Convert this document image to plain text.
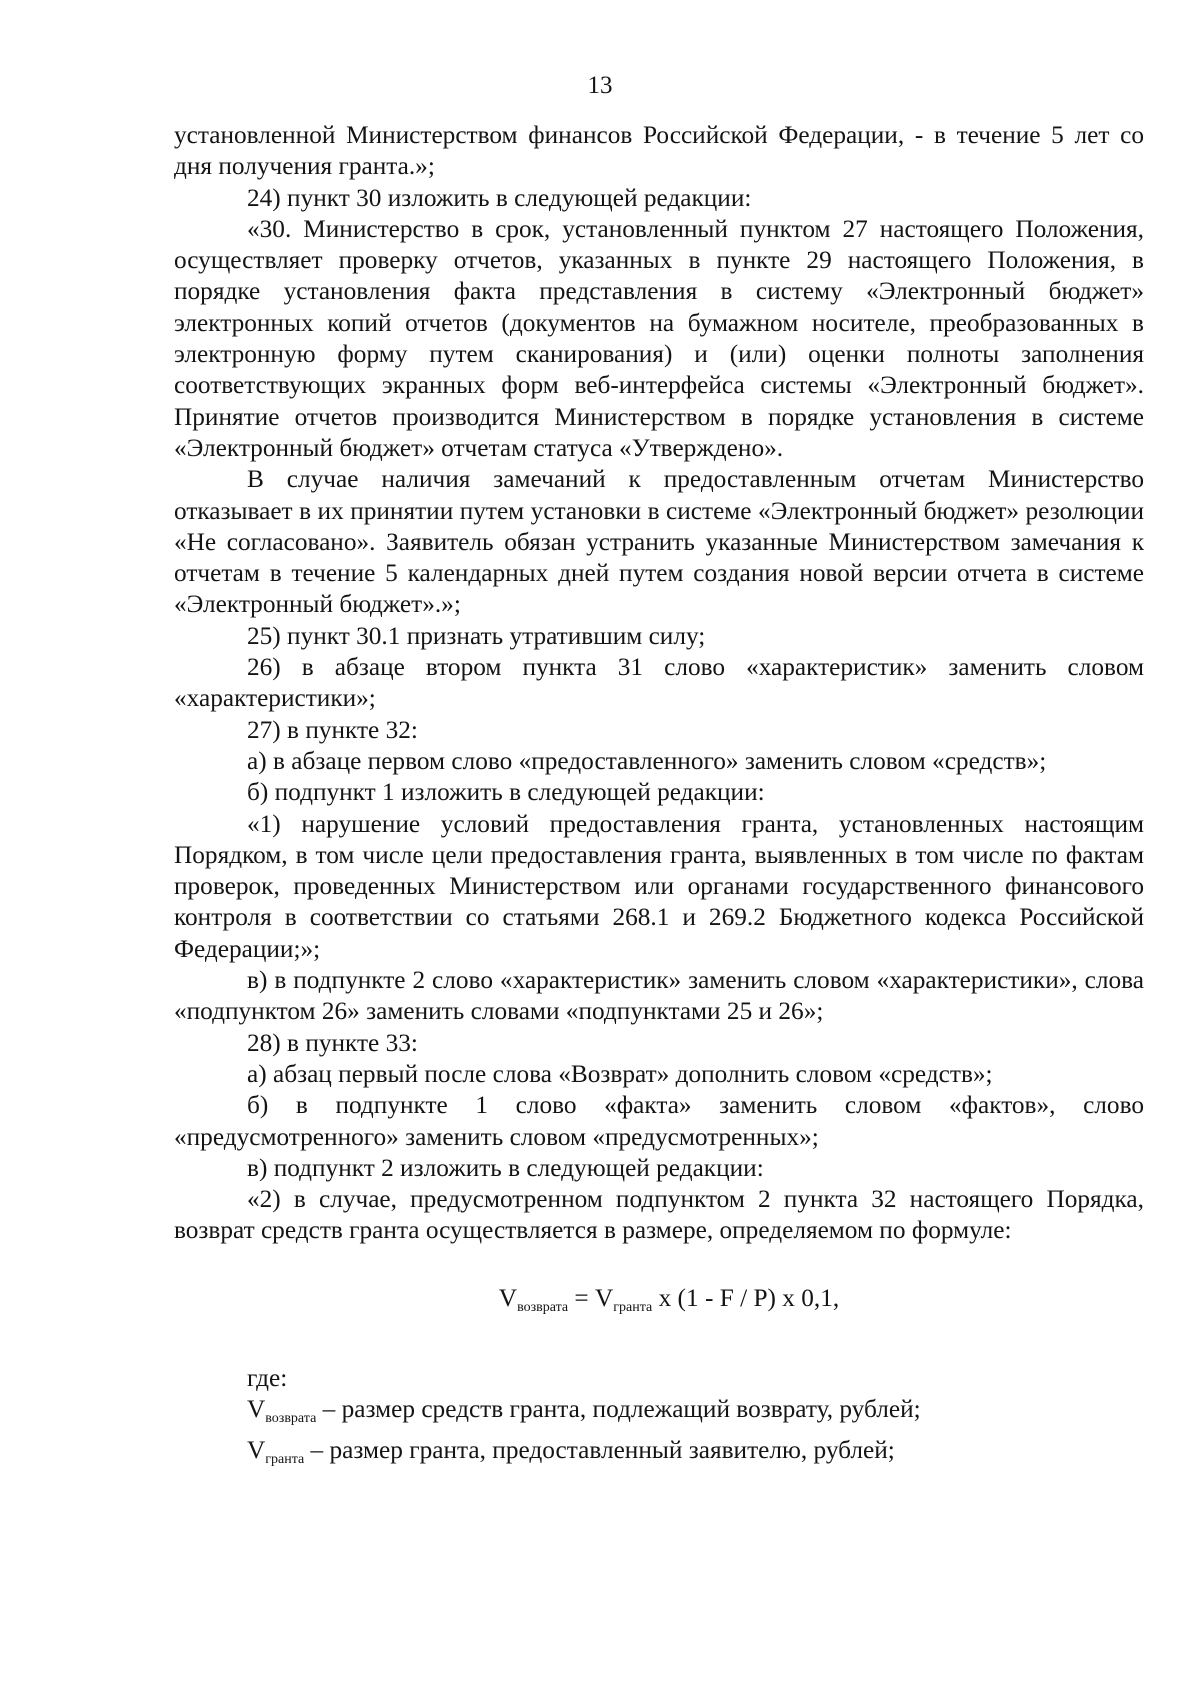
13

установленной Министерством финансов Российской Федерации, - в течение 5 лет со дня получения гранта.»;

24) пункт 30 изложить в следующей редакции:

«30. Министерство в срок, установленный пунктом 27 настоящего Положения, осуществляет проверку отчетов, указанных в пункте 29 настоящего Положения, в порядке установления факта представления в систему «Электронный бюджет» электронных копий отчетов (документов на бумажном носителе, преобразованных в электронную форму путем сканирования) и (или) оценки полноты заполнения соответствующих экранных форм веб-интерфейса системы «Электронный бюджет». Принятие отчетов производится Министерством в порядке установления в системе «Электронный бюджет» отчетам статуса «Утверждено».

В случае наличия замечаний к предоставленным отчетам Министерство отказывает в их принятии путем установки в системе «Электронный бюджет» резолюции «Не согласовано». Заявитель обязан устранить указанные Министерством замечания к отчетам в течение 5 календарных дней путем создания новой версии отчета в системе «Электронный бюджет».»;

25) пункт 30.1 признать утратившим силу;

26) в абзаце втором пункта 31 слово «характеристик» заменить словом «характеристики»;

27) в пункте 32:

а) в абзаце первом слово «предоставленного» заменить словом «средств»;

б) подпункт 1 изложить в следующей редакции:

«1) нарушение условий предоставления гранта, установленных настоящим Порядком, в том числе цели предоставления гранта, выявленных в том числе по фактам проверок, проведенных Министерством или органами государственного финансового контроля в соответствии со статьями 268.1 и 269.2 Бюджетного кодекса Российской Федерации;»;

в) в подпункте 2 слово «характеристик» заменить словом «характеристики», слова «подпунктом 26» заменить словами «подпунктами 25 и 26»;

28) в пункте 33:

а) абзац первый после слова «Возврат» дополнить словом «средств»;

б) в подпункте 1 слово «факта» заменить словом «фактов», слово «предусмотренного» заменить словом «предусмотренных»;

в) подпункт 2 изложить в следующей редакции:

«2) в случае, предусмотренном подпунктом 2 пункта 32 настоящего Порядка, возврат средств гранта осуществляется в размере, определяемом по формуле:

$V_{возврата} = V_{гранта}$ x (1 - F / P) x 0,1,

где:

$V_{возврата}$ – размер средств гранта, подлежащий возврату, рублей;

$V_{гранта}$ – размер гранта, предоставленный заявителю, рублей;
